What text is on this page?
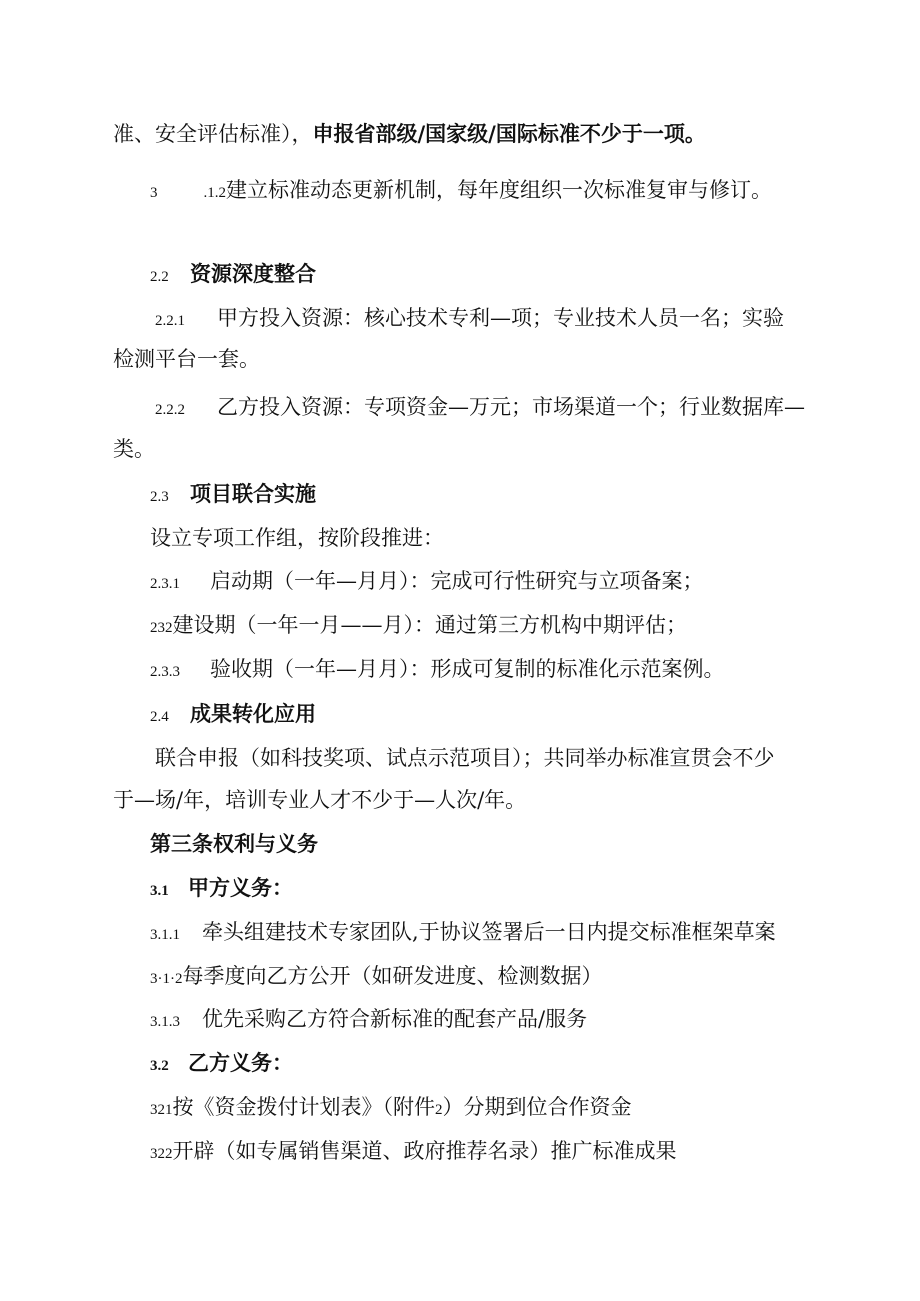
准、安全评估标准），申报省部级/国家级/国际标准不少于一项。
3	.1.2建立标准动态更新机制，每年度组织一次标准复审与修订。
2.2 资源深度整合
2.2.1 甲方投入资源：核心技术专利—项；专业技术人员一名；实验
检测平台一套。
2.2.2 乙方投入资源：专项资金—万元；市场渠道一个；行业数据库—
类。
2.3 项目联合实施
设立专项工作组，按阶段推进：
2.3.1 启动期（一年—月月）：完成可行性研究与立项备案；
232建设期（一年一月——月）：通过第三方机构中期评估；
2.3.3 验收期（一年—月月）：形成可复制的标准化示范案例。
2.4 成果转化应用
联合申报（如科技奖项、试点示范项目）；共同举办标准宣贯会不少
于—场/年，培训专业人才不少于—人次/年。
第三条权利与义务
3.1 甲方义务：
3.1.1 牵头组建技术专家团队,于协议签署后一日内提交标准框架草案
3·1·2每季度向乙方公开（如研发进度、检测数据）
3.1.3 优先采购乙方符合新标准的配套产品/服务
3.2 乙方义务：
321按《资金拨付计划表》（附件2）分期到位合作资金
322开辟（如专属销售渠道、政府推荐名录）推广标准成果
